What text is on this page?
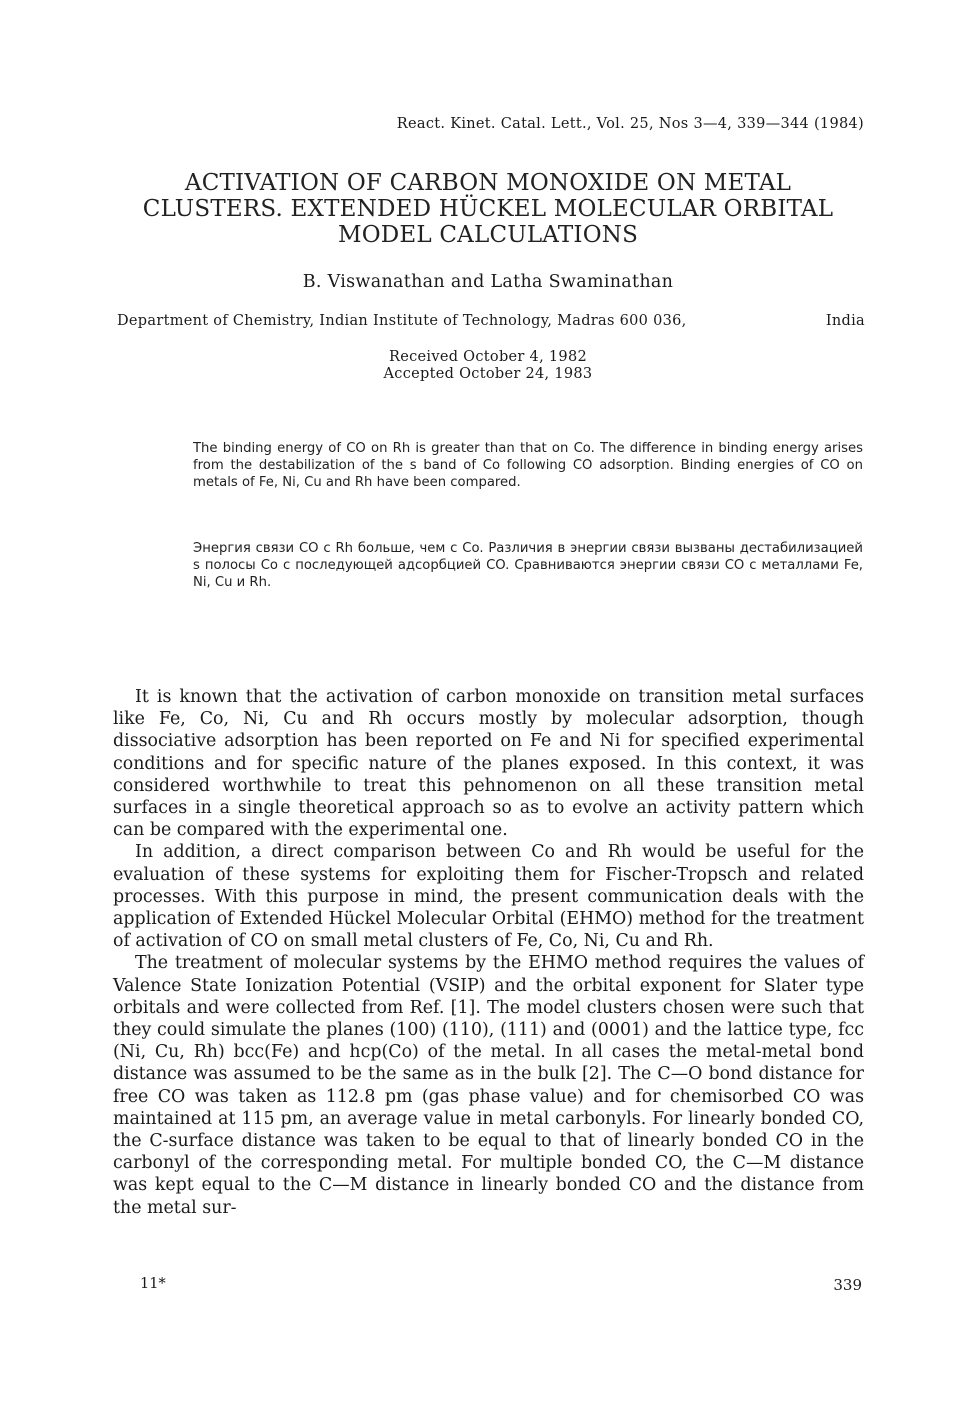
React. Kinet. Catal. Lett., Vol. 25, Nos 3—4, 339—344 (1984)
ACTIVATION OF CARBON MONOXIDE ON METAL
CLUSTERS. EXTENDED HÜCKEL MOLECULAR ORBITAL
MODEL CALCULATIONS
B. Viswanathan and Latha Swaminathan
Department of Chemistry, Indian Institute of Technology, Madras 600 036,	India
Received October 4, 1982
Accepted October 24, 1983
The binding energy of CO on Rh is greater than that on Co. The difference in binding energy arises from the destabilization of the s band of Co following CO adsorption. Binding energies of CO on metals of Fe, Ni, Cu and Rh have been compared.
Энергия связи CO с Rh больше, чем с Co. Различия в энергии связи вызваны дестабилизацией s полосы Co с последующей адсорбцией CO. Сравниваются энергии связи CO с металлами Fe, Ni, Cu и Rh.

It is known that the activation of carbon monoxide on transition metal surfaces like Fe, Co, Ni, Cu and Rh occurs mostly by molecular adsorption, though dissociative adsorption has been reported on Fe and Ni for specified experimental conditions and for specific nature of the planes exposed. In this context, it was considered worthwhile to treat this pehnomenon on all these transition metal surfaces in a single theoretical approach so as to evolve an activity pattern which can be compared with the experimental one.

In addition, a direct comparison between Co and Rh would be useful for the evaluation of these systems for exploiting them for Fischer-Tropsch and related processes. With this purpose in mind, the present communication deals with the application of Extended Hückel Molecular Orbital (EHMO) method for the treatment of activation of CO on small metal clusters of Fe, Co, Ni, Cu and Rh.

The treatment of molecular systems by the EHMO method requires the values of Valence State Ionization Potential (VSIP) and the orbital exponent for Slater type orbitals and were collected from Ref. [1]. The model clusters chosen were such that they could simulate the planes (100) (110), (111) and (0001) and the lattice type, fcc (Ni, Cu, Rh) bcc(Fe) and hcp(Co) of the metal. In all cases the metal-metal bond distance was assumed to be the same as in the bulk [2]. The C—O bond distance for free CO was taken as 112.8 pm (gas phase value) and for chemisorbed CO was maintained at 115 pm, an average value in metal carbonyls. For linearly bonded CO, the C-surface distance was taken to be equal to that of linearly bonded CO in the carbonyl of the corresponding metal. For multiple bonded CO, the C—M distance was kept equal to the C—M distance in linearly bonded CO and the distance from the metal sur-

11*	339
